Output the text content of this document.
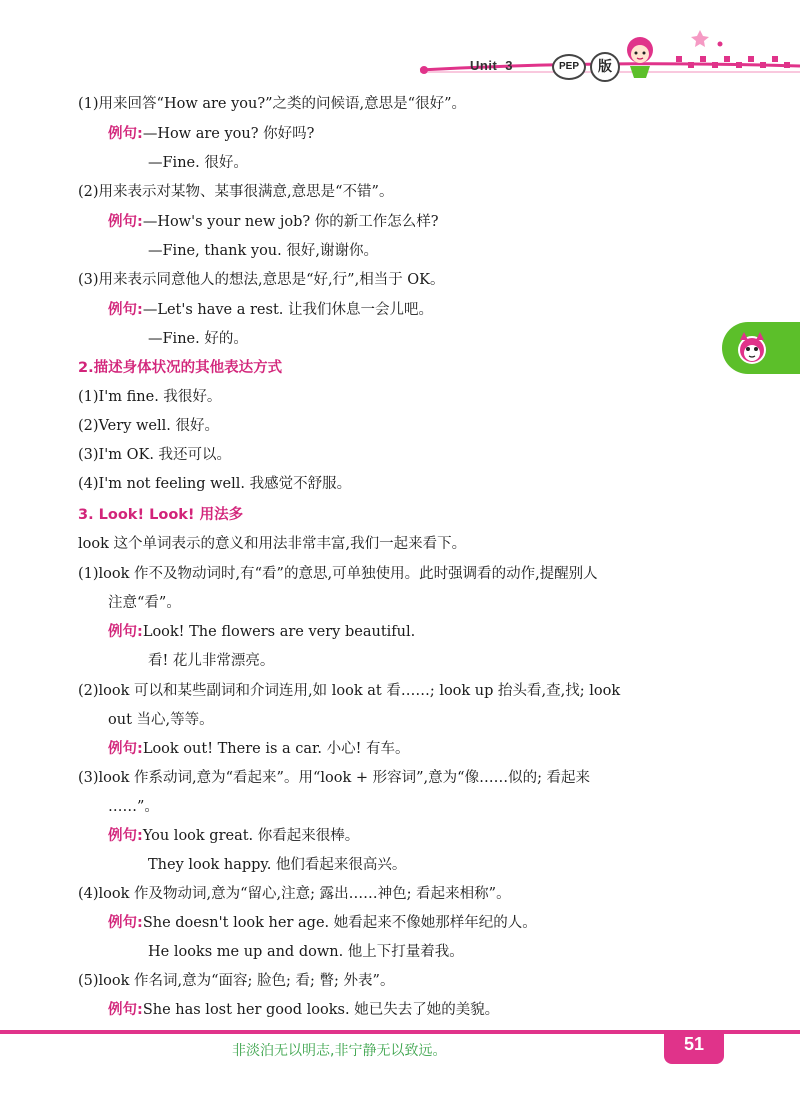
Unit 3	PEP	版
(1)用来回答“How are you?”之类的问候语,意思是“很好”。
例句:—How are you? 你好吗?
—Fine. 很好。
(2)用来表示对某物、某事很满意,意思是“不错”。
例句:—How's your new job? 你的新工作怎么样?
—Fine, thank you. 很好,谢谢你。
(3)用来表示同意他人的想法,意思是“好,行”,相当于 OK。
例句:—Let's have a rest. 让我们休息一会儿吧。
—Fine. 好的。
2.描述身体状况的其他表达方式
(1)I'm fine. 我很好。
(2)Very well. 很好。
(3)I'm OK. 我还可以。
(4)I'm not feeling well. 我感觉不舒服。
3. Look! Look! 用法多
look 这个单词表示的意义和用法非常丰富,我们一起来看下。
(1)look 作不及物动词时,有“看”的意思,可单独使用。此时强调看的动作,提醒别人
注意“看”。
例句:Look! The flowers are very beautiful.
看! 花儿非常漂亮。
(2)look 可以和某些副词和介词连用,如 look at 看……; look up 抬头看,查,找; look
out 当心,等等。
例句:Look out! There is a car. 小心! 有车。
(3)look 作系动词,意为“看起来”。用“look + 形容词”,意为“像……似的; 看起来
……”。
例句:You look great. 你看起来很棒。
They look happy. 他们看起来很高兴。
(4)look 作及物动词,意为“留心,注意; 露出……神色; 看起来相称”。
例句:She doesn't look her age. 她看起来不像她那样年纪的人。
He looks me up and down. 他上下打量着我。
(5)look 作名词,意为“面容; 脸色; 看; 瞥; 外表”。
例句:She has lost her good looks. 她已失去了她的美貌。
非淡泊无以明志,非宁静无以致远。	51
